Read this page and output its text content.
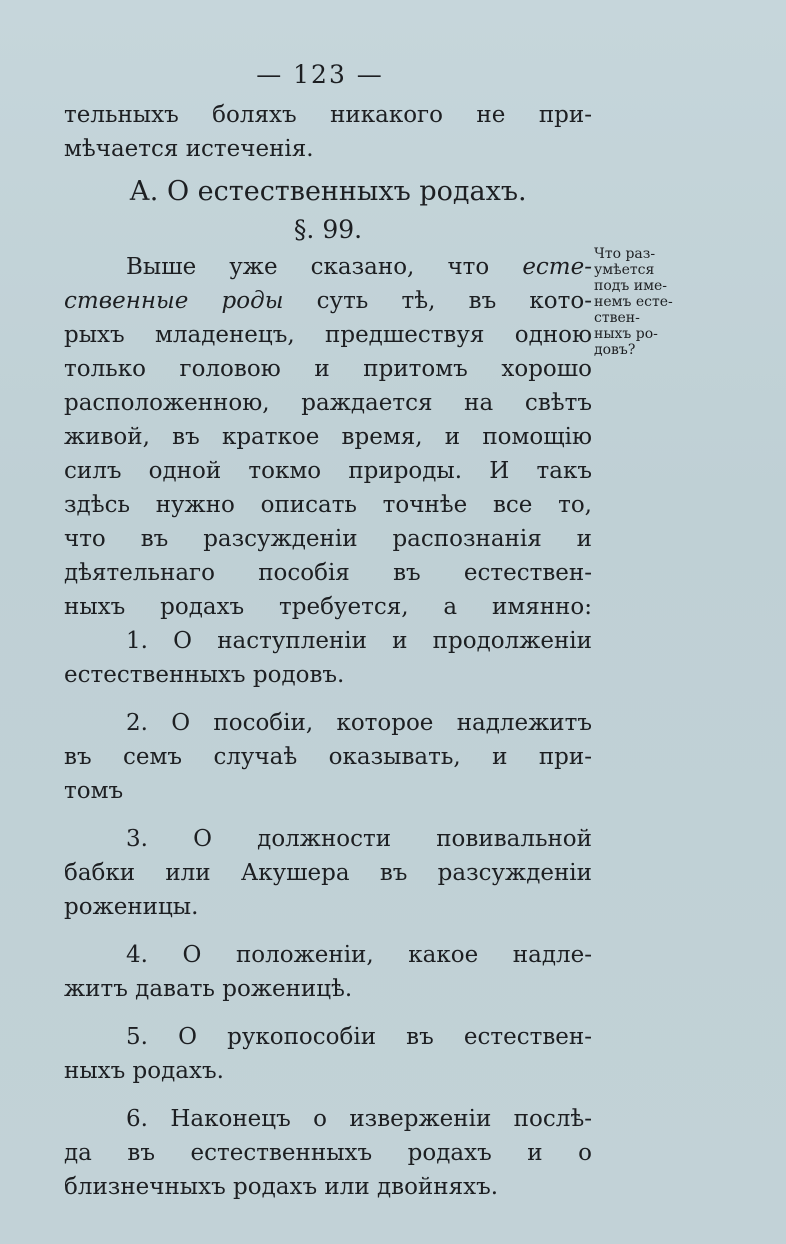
— 123 —
тельныхъ боляхъ никакого не при-
мѣчается истеченія.
А. О естественныхъ родахъ.
§. 99.
Выше уже сказано, что есте-
ственные роды суть тѣ, въ кото-
рыхъ младенецъ, предшествуя одною
только головою и притомъ хорошо
расположенною, раждается на свѣтъ
живой, въ краткое время, и помощію
силъ одной токмо природы. И такъ
здѣсь нужно описать точнѣе все то,
что въ разсужденіи распознанія и
дѣятельнаго пособія въ естествен-
ныхъ родахъ требуется, а имянно:
1. О наступленіи и продолженіи
естественныхъ родовъ.
2. О пособіи, которое надлежитъ
въ семъ случаѣ оказывать, и при-
томъ
3. О должности повивальной
бабки или Акушера въ разсужденіи
роженицы.
4. О положеніи, какое надле-
житъ давать роженицѣ.
5. О рукопособіи въ естествен-
ныхъ родахъ.
6. Наконецъ о изверженіи послѣ-
да въ естественныхъ родахъ и о
близнечныхъ родахъ или двойняхъ.
Что раз-
умѣется
подъ име-
немъ есте-
ствен-
ныхъ ро-
довъ?
